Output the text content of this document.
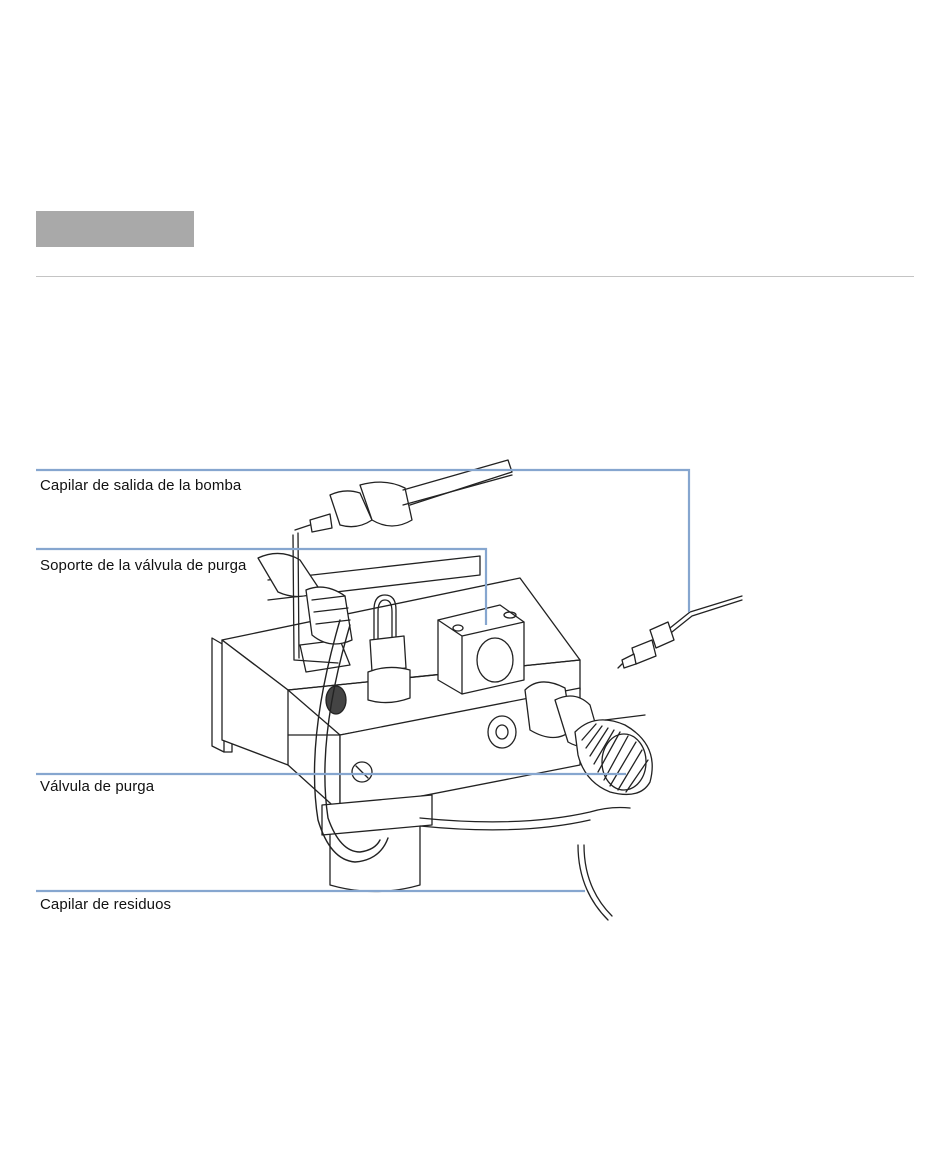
Capilar de salida de la bomba
Soporte de la válvula de purga
Válvula de purga
Capilar de residuos
